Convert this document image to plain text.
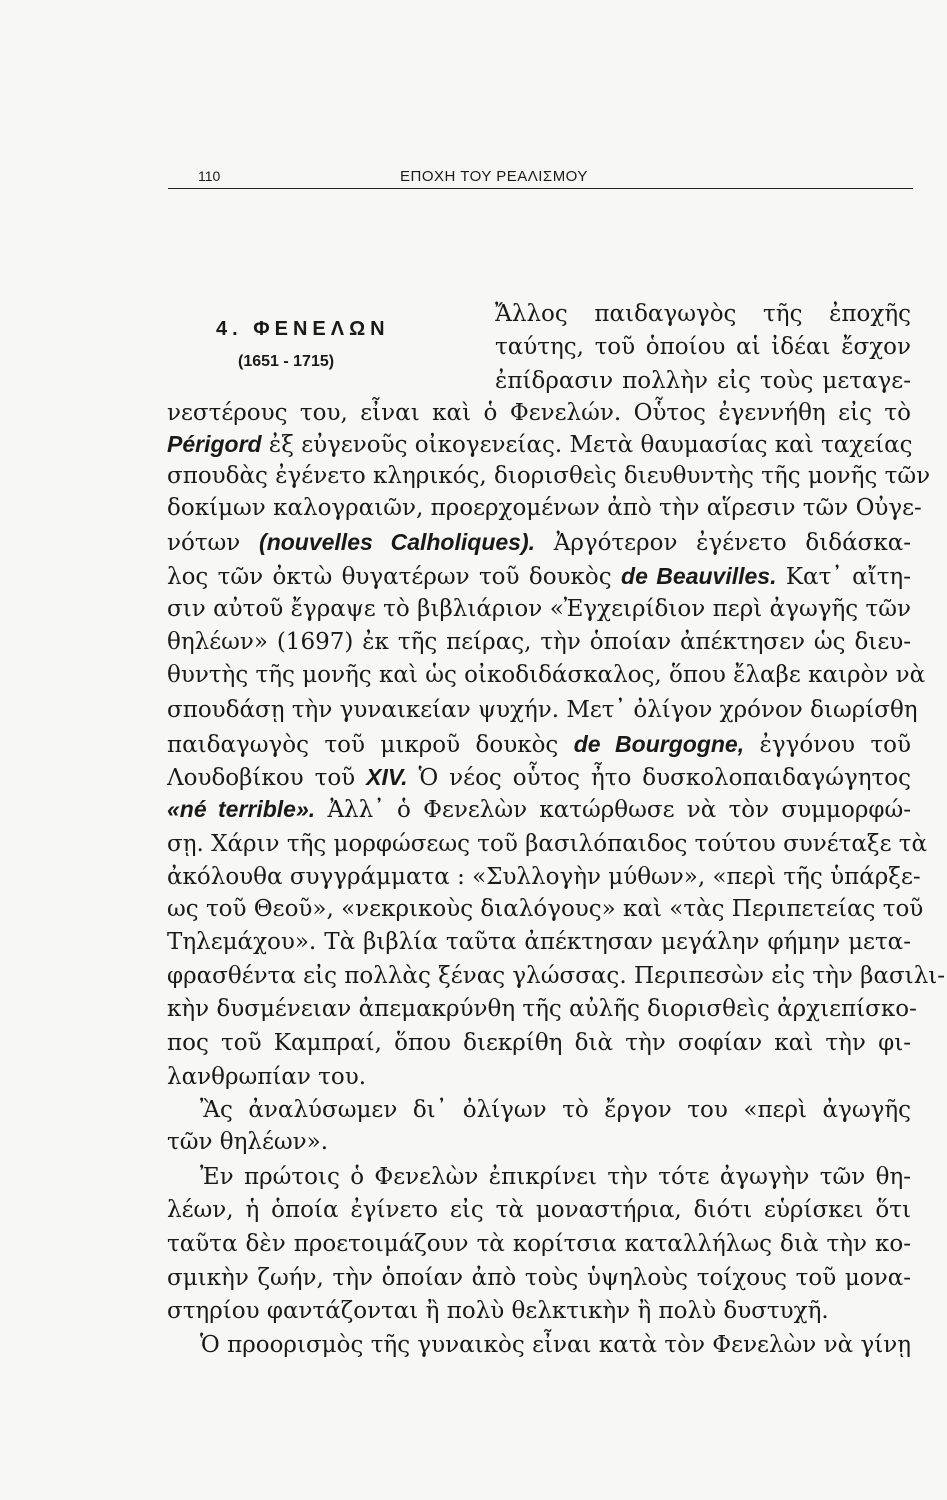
110	ΕΠΟΧΗ ΤΟΥ ΡΕΑΛΙΣΜΟΥ
4. ΦΕΝΕΛΩΝ
(1651 - 1715)
Ἄλλος παιδαγωγὸς τῆς ἐποχῆς
ταύτης, τοῦ ὁποίου αἱ ἰδέαι ἔσχον
ἐπίδρασιν πολλὴν εἰς τοὺς μεταγε-
νεστέρους του, εἶναι καὶ ὁ Φενελών. Οὗτος ἐγεννήθη εἰς τὸ
Périgord ἐξ εὐγενοῦς οἰκογενείας. Μετὰ θαυμασίας καὶ ταχείας
σπουδὰς ἐγένετο κληρικός, διορισθεὶς διευθυντὴς τῆς μονῆς τῶν
δοκίμων καλογραιῶν, προερχομένων ἀπὸ τὴν αἵρεσιν τῶν Οὐγε-
νότων (nouvelles Calholiques). Ἀργότερον ἐγένετο διδάσκα-
λος τῶν ὀκτὼ θυγατέρων τοῦ δουκὸς de Beauvilles. Κατ᾽ αἴτη-
σιν αὐτοῦ ἔγραψε τὸ βιβλιάριον «Ἐγχειρίδιον περὶ ἀγωγῆς τῶν
θηλέων» (1697) ἐκ τῆς πείρας, τὴν ὁποίαν ἀπέκτησεν ὡς διευ-
θυντὴς τῆς μονῆς καὶ ὡς οἰκοδιδάσκαλος, ὅπου ἔλαβε καιρὸν νὰ
σπουδάσῃ τὴν γυναικείαν ψυχήν. Μετ᾽ ὀλίγον χρόνον διωρίσθη
παιδαγωγὸς τοῦ μικροῦ δουκὸς de Bourgogne, ἐγγόνου τοῦ
Λουδοβίκου τοῦ XIV. Ὁ νέος οὗτος ἦτο δυσκολοπαιδαγώγητος
«né terrible». Ἀλλ᾽ ὁ Φενελὼν κατώρθωσε νὰ τὸν συμμορφώ-
σῃ. Χάριν τῆς μορφώσεως τοῦ βασιλόπαιδος τούτου συνέταξε τὰ
ἀκόλουθα συγγράμματα : «Συλλογὴν μύθων», «περὶ τῆς ὑπάρξε-
ως τοῦ Θεοῦ», «νεκρικοὺς διαλόγους» καὶ «τὰς Περιπετείας τοῦ
Τηλεμάχου». Τὰ βιβλία ταῦτα ἀπέκτησαν μεγάλην φήμην μετα-
φρασθέντα εἰς πολλὰς ξένας γλώσσας. Περιπεσὼν εἰς τὴν βασιλι-
κὴν δυσμένειαν ἀπεμακρύνθη τῆς αὐλῆς διορισθεὶς ἀρχιεπίσκο-
πος τοῦ Καμπραί, ὅπου διεκρίθη διὰ τὴν σοφίαν καὶ τὴν φι-
λανθρωπίαν του.
Ἂς ἀναλύσωμεν δι᾽ ὀλίγων τὸ ἔργον του «περὶ ἀγωγῆς
τῶν θηλέων».
Ἐν πρώτοις ὁ Φενελὼν ἐπικρίνει τὴν τότε ἀγωγὴν τῶν θη-
λέων, ἡ ὁποία ἐγίνετο εἰς τὰ μοναστήρια, διότι εὑρίσκει ὅτι
ταῦτα δὲν προετοιμάζουν τὰ κορίτσια καταλλήλως διὰ τὴν κο-
σμικὴν ζωήν, τὴν ὁποίαν ἀπὸ τοὺς ὑψηλοὺς τοίχους τοῦ μονα-
στηρίου φαντάζονται ἢ πολὺ θελκτικὴν ἢ πολὺ δυστυχῆ.
Ὁ προορισμὸς τῆς γυναικὸς εἶναι κατὰ τὸν Φενελὼν νὰ γίνῃ
